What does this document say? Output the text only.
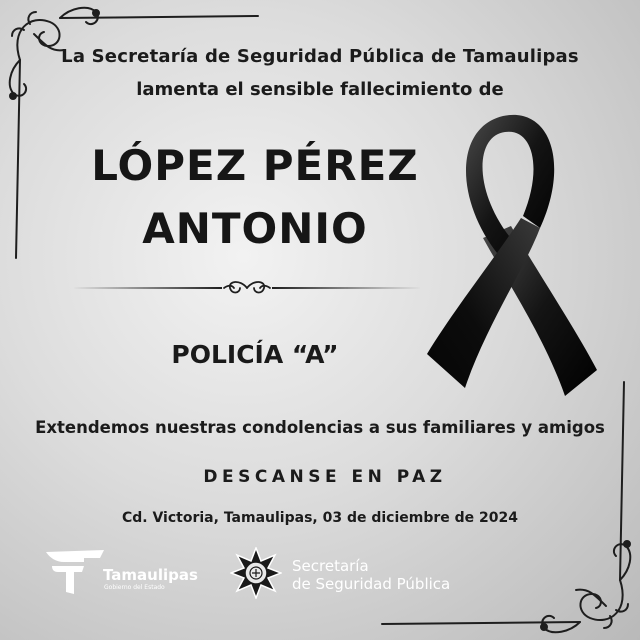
La Secretaría de Seguridad Pública de Tamaulipas
lamenta el sensible fallecimiento de
LÓPEZ PÉREZ
ANTONIO
POLICÍA “A”
Extendemos nuestras condolencias a sus familiares y amigos
DESCANSE EN PAZ
Cd. Victoria, Tamaulipas, 03 de diciembre de 2024
Tamaulipas
Gobierno del Estado
Secretaría
de Seguridad Pública
